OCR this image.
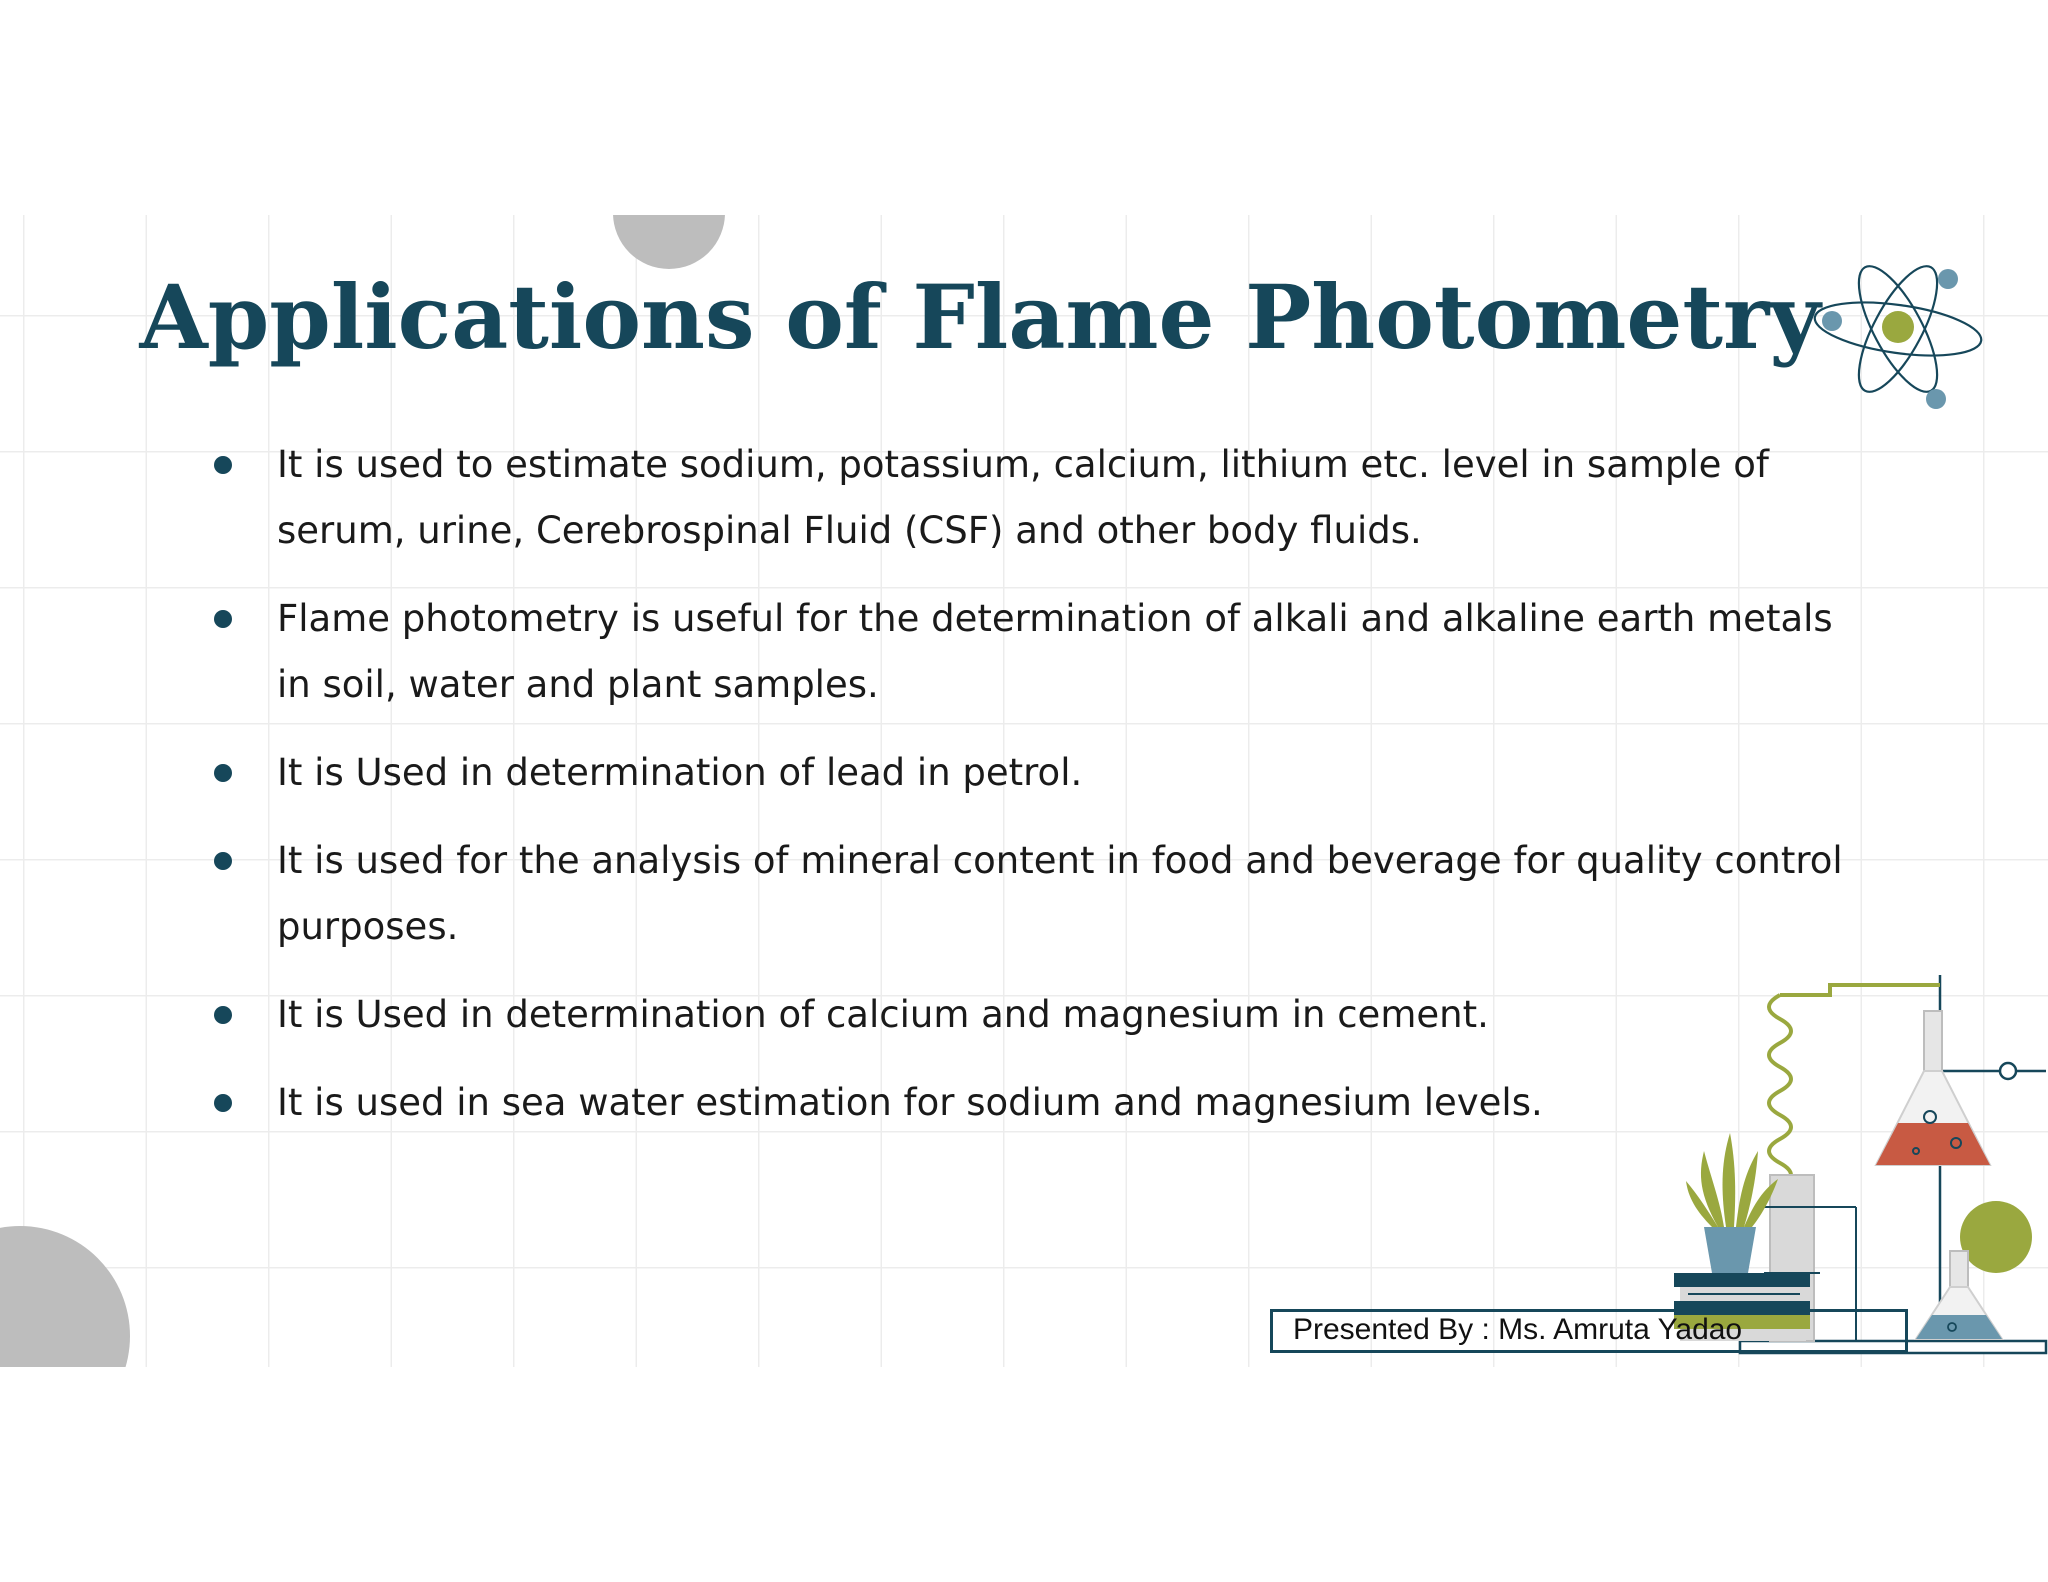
Applications of Flame Photometry
It is used to estimate sodium, potassium, calcium, lithium etc. level in sample of serum, urine, Cerebrospinal Fluid (CSF) and other body fluids.
Flame photometry is useful for the determination of alkali and alkaline earth metals in soil, water and plant samples.
It is Used in determination of lead in petrol.
It is used for the analysis of mineral content in food and beverage for quality control purposes.
It is Used in determination of calcium and magnesium in cement.
It is used in sea water estimation for sodium and magnesium levels.
Presented By : Ms. Amruta Yadao
